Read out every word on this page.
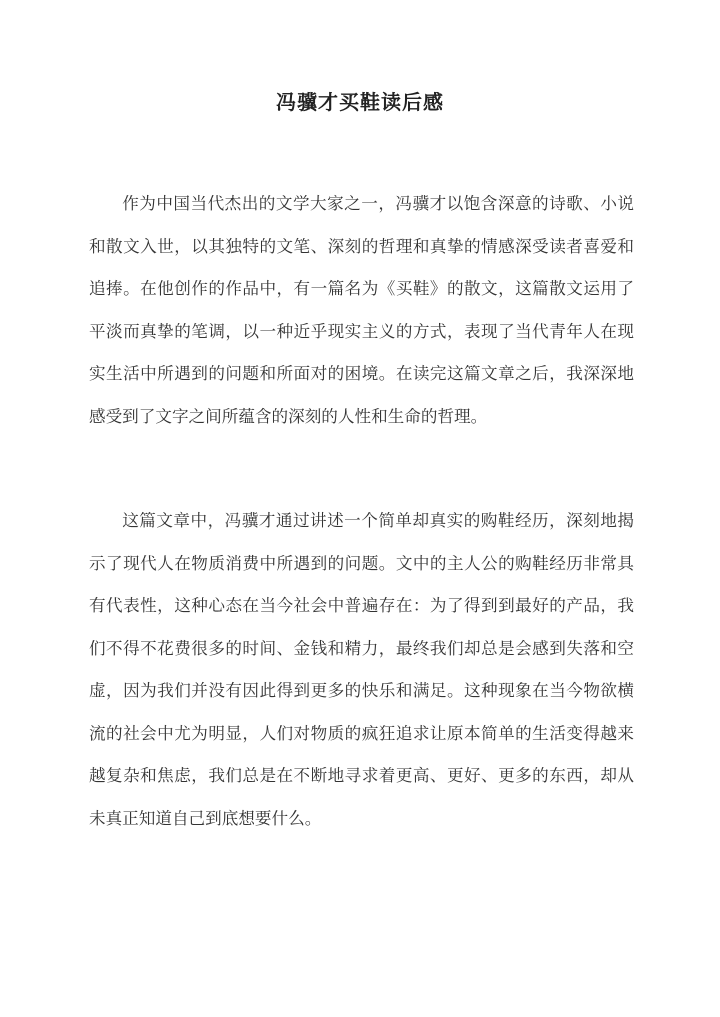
冯骥才买鞋读后感

作为中国当代杰出的文学大家之一，冯骥才以饱含深意的诗歌、小说和散文入世，以其独特的文笔、深刻的哲理和真挚的情感深受读者喜爱和追捧。在他创作的作品中，有一篇名为《买鞋》的散文，这篇散文运用了平淡而真挚的笔调，以一种近乎现实主义的方式，表现了当代青年人在现实生活中所遇到的问题和所面对的困境。在读完这篇文章之后，我深深地感受到了文字之间所蕴含的深刻的人性和生命的哲理。

这篇文章中，冯骥才通过讲述一个简单却真实的购鞋经历，深刻地揭示了现代人在物质消费中所遇到的问题。文中的主人公的购鞋经历非常具有代表性，这种心态在当今社会中普遍存在：为了得到到最好的产品，我们不得不花费很多的时间、金钱和精力，最终我们却总是会感到失落和空虚，因为我们并没有因此得到更多的快乐和满足。这种现象在当今物欲横流的社会中尤为明显，人们对物质的疯狂追求让原本简单的生活变得越来越复杂和焦虑，我们总是在不断地寻求着更高、更好、更多的东西，却从未真正知道自己到底想要什么。
